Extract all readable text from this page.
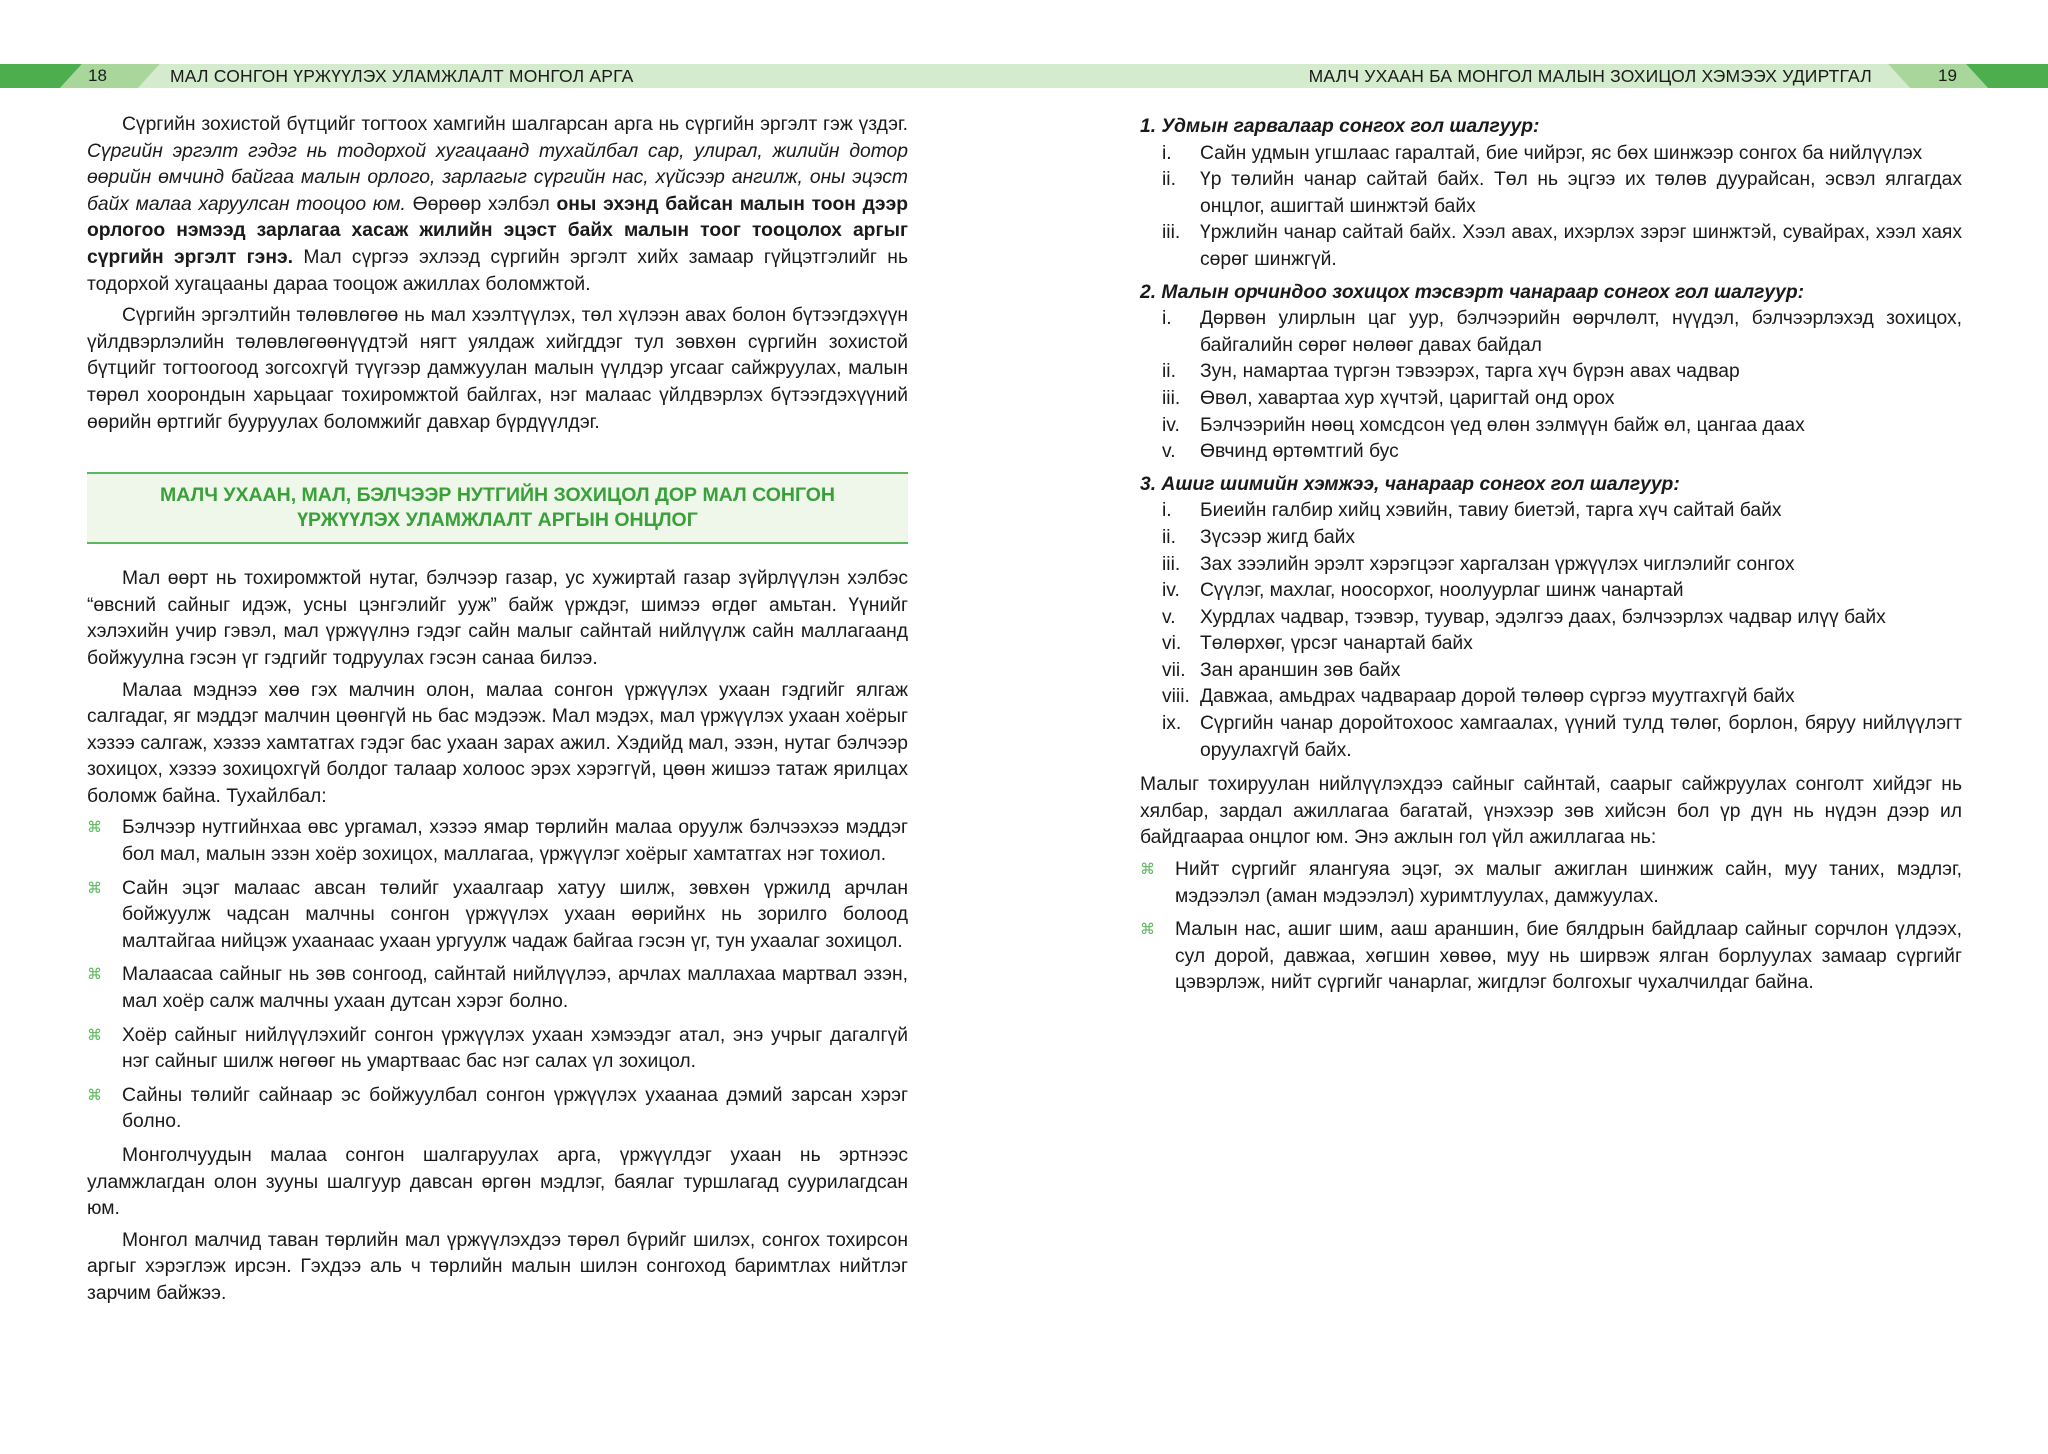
18	МАЛ СОНГОН ҮРЖҮҮЛЭХ УЛАМЖЛАЛТ МОНГОЛ АРГА	МАЛЧ УХААН БА МОНГОЛ МАЛЫН ЗОХИЦОЛ ХЭМЭЭХ УДИРТГАЛ	19

Сүргийн зохистой бүтцийг тогтоох хамгийн шалгарсан арга нь сүргийн эргэлт гэж үздэг. Сүргийн эргэлт гэдэг нь тодорхой хугацаанд тухайлбал сар, улирал, жилийн дотор өөрийн өмчинд байгаа малын орлого, зарлагыг сүргийн нас, хүйсээр ангилж, оны эцэст байх малаа харуулсан тооцоо юм. Өөрөөр хэлбэл оны эхэнд байсан малын тоон дээр орлогоо нэмээд зарлагаа хасаж жилийн эцэст байх малын тоог тооцолох аргыг сүргийн эргэлт гэнэ. Мал сүргээ эхлээд сүргийн эргэлт хийх замаар гүйцэтгэлийг нь тодорхой хугацааны дараа тооцож ажиллах боломжтой.

Сүргийн эргэлтийн төлөвлөгөө нь мал хээлтүүлэх, төл хүлээн авах болон бүтээгдэхүүн үйлдвэрлэлийн төлөвлөгөөнүүдтэй нягт уялдаж хийгддэг тул зөвхөн сүргийн зохистой бүтцийг тогтоогоод зогсохгүй түүгээр дамжуулан малын үүлдэр угсааг сайжруулах, малын төрөл хоорондын харьцааг тохиромжтой байлгах, нэг малаас үйлдвэрлэх бүтээгдэхүүний өөрийн өртгийг бууруулах боломжийг давхар бүрдүүлдэг.

МАЛЧ УХААН, МАЛ, БЭЛЧЭЭР НУТГИЙН ЗОХИЦОЛ ДОР МАЛ СОНГОН
ҮРЖҮҮЛЭХ УЛАМЖЛАЛТ АРГЫН ОНЦЛОГ

Мал өөрт нь тохиромжтой нутаг, бэлчээр газар, ус хужиртай газар зүйрлүүлэн хэлбэс “өвсний сайныг идэж, усны цэнгэлийг ууж” байж үрждэг, шимээ өгдөг амьтан. Үүнийг хэлэхийн учир гэвэл, мал үржүүлнэ гэдэг сайн малыг сайнтай нийлүүлж сайн маллагаанд бойжуулна гэсэн үг гэдгийг тодруулах гэсэн санаа билээ.

Малаа мэднээ хөө гэх малчин олон, малаа сонгон үржүүлэх ухаан гэдгийг ялгаж салгадаг, яг мэддэг малчин цөөнгүй нь бас мэдээж. Мал мэдэх, мал үржүүлэх ухаан хоёрыг хэзээ салгаж, хэзээ хамтатгах гэдэг бас ухаан зарах ажил. Хэдийд мал, эзэн, нутаг бэлчээр зохицох, хэзээ зохицохгүй болдог талаар холоос эрэх хэрэггүй, цөөн жишээ татаж ярилцах боломж байна. Тухайлбал:

⌘ Бэлчээр нутгийнхаа өвс ургамал, хэзээ ямар төрлийн малаа оруулж бэлчээхээ мэддэг бол мал, малын эзэн хоёр зохицох, маллагаа, үржүүлэг хоёрыг хамтатгах нэг тохиол.
⌘ Сайн эцэг малаас авсан төлийг ухаалгаар хатуу шилж, зөвхөн үржилд арчлан бойжуулж чадсан малчны сонгон үржүүлэх ухаан өөрийнх нь зорилго болоод малтайгаа нийцэж ухаанаас ухаан ургуулж чадаж байгаа гэсэн үг, тун ухаалаг зохицол.
⌘ Малаасаа сайныг нь зөв сонгоод, сайнтай нийлүүлээ, арчлах маллахаа мартвал эзэн, мал хоёр салж малчны ухаан дутсан хэрэг болно.
⌘ Хоёр сайныг нийлүүлэхийг сонгон үржүүлэх ухаан хэмээдэг атал, энэ учрыг дагалгүй нэг сайныг шилж нөгөөг нь умартваас бас нэг салах үл зохицол.
⌘ Сайны төлийг сайнаар эс бойжуулбал сонгон үржүүлэх ухаанаа дэмий зарсан хэрэг болно.

Монголчуудын малаа сонгон шалгаруулах арга, үржүүлдэг ухаан нь эртнээс уламжлагдан олон зууны шалгуур давсан өргөн мэдлэг, баялаг туршлагад суурилагдсан юм.

Монгол малчид таван төрлийн мал үржүүлэхдээ төрөл бүрийг шилэх, сонгох тохирсон аргыг хэрэглэж ирсэн. Гэхдээ аль ч төрлийн малын шилэн сонгоход баримтлах нийтлэг зарчим байжээ.

1. Удмын гарвалаар сонгох гол шалгуур:
i. Сайн удмын угшлаас гаралтай, бие чийрэг, яс бөх шинжээр сонгох ба нийлүүлэх
ii. Үр төлийн чанар сайтай байх. Төл нь эцгээ их төлөв дуурайсан, эсвэл ялгагдах онцлог, ашигтай шинжтэй байх
iii. Үржлийн чанар сайтай байх. Хээл авах, ихэрлэх зэрэг шинжтэй, сувайрах, хээл хаях сөрөг шинжгүй.
2. Малын орчиндоо зохицох тэсвэрт чанараар сонгох гол шалгуур:
i. Дөрвөн улирлын цаг уур, бэлчээрийн өөрчлөлт, нүүдэл, бэлчээрлэхэд зохицох, байгалийн сөрөг нөлөөг давах байдал
ii. Зун, намартаа түргэн тэвээрэх, тарга хүч бүрэн авах чадвар
iii. Өвөл, хавартаа хур хүчтэй, царигтай онд орох
iv. Бэлчээрийн нөөц хомсдсон үед өлөн зэлмүүн байж өл, цангаа даах
v. Өвчинд өртөмтгий бус
3. Ашиг шимийн хэмжээ, чанараар сонгох гол шалгуур:
i. Биеийн галбир хийц хэвийн, тавиу биетэй, тарга хүч сайтай байх
ii. Зүсээр жигд байх
iii. Зах зээлийн эрэлт хэрэгцээг харгалзан үржүүлэх чиглэлийг сонгох
iv. Сүүлэг, махлаг, ноосорхог, ноолуурлаг шинж чанартай
v. Хурдлах чадвар, тээвэр, туувар, эдэлгээ даах, бэлчээрлэх чадвар илүү байх
vi. Төлөрхөг, үрсэг чанартай байх
vii. Зан араншин зөв байх
viii. Давжаа, амьдрах чадвараар дорой төлөөр сүргээ муутгахгүй байх
ix. Сүргийн чанар доройтохоос хамгаалах, үүний тулд төлөг, борлон, бяруу нийлүүлэгт оруулахгүй байх.

Малыг тохируулан нийлүүлэхдээ сайныг сайнтай, саарыг сайжруулах сонголт хийдэг нь хялбар, зардал ажиллагаа багатай, үнэхээр зөв хийсэн бол үр дүн нь нүдэн дээр ил байдгаараа онцлог юм. Энэ ажлын гол үйл ажиллагаа нь:

⌘ Нийт сүргийг ялангуяа эцэг, эх малыг ажиглан шинжиж сайн, муу таних, мэдлэг, мэдээлэл (аман мэдээлэл) хуримтлуулах, дамжуулах.
⌘ Малын нас, ашиг шим, ааш араншин, бие бялдрын байдлаар сайныг сорчлон үлдээх, сул дорой, давжаа, хөгшин хөвөө, муу нь ширвэж ялган борлуулах замаар сүргийг цэвэрлэж, нийт сүргийг чанарлаг, жигдлэг болгохыг чухалчилдаг байна.
